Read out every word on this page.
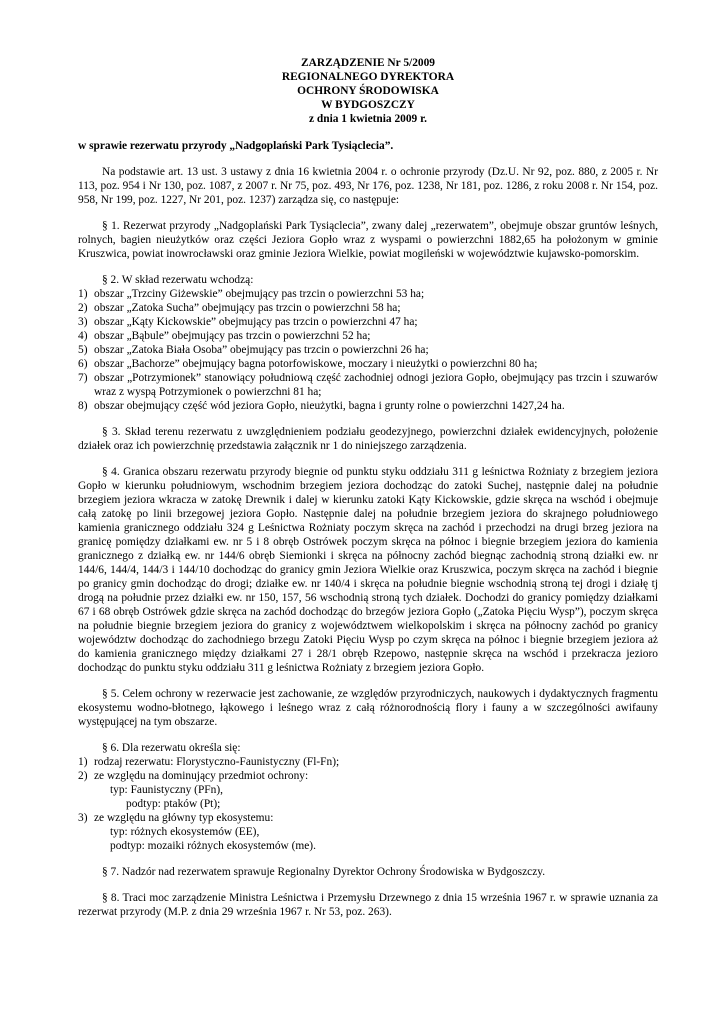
ZARZĄDZENIE Nr 5/2009
REGIONALNEGO DYREKTORA
OCHRONY ŚRODOWISKA
W BYDGOSZCZY
z dnia 1 kwietnia 2009 r.
w sprawie rezerwatu przyrody „Nadgoplański Park Tysiąclecia”.

Na podstawie art. 13 ust. 3 ustawy z dnia 16 kwietnia 2004 r. o ochronie przyrody (Dz.U. Nr 92, poz. 880, z 2005 r. Nr 113, poz. 954 i Nr 130, poz. 1087, z 2007 r. Nr 75, poz. 493, Nr 176, poz. 1238, Nr 181, poz. 1286, z roku 2008 r. Nr 154, poz. 958, Nr 199, poz. 1227, Nr 201, poz. 1237) zarządza się, co następuje:

§ 1. Rezerwat przyrody „Nadgoplański Park Tysiąclecia”, zwany dalej „rezerwatem”, obejmuje obszar gruntów leśnych, rolnych, bagien nieużytków oraz części Jeziora Gopło wraz z wyspami o powierzchni 1882,65 ha położonym w gminie Kruszwica, powiat inowrocławski oraz gminie Jeziora Wielkie, powiat mogileński w województwie kujawsko-pomorskim.

§ 2. W skład rezerwatu wchodzą:

1) obszar „Trzciny Giżewskie” obejmujący pas trzcin o powierzchni 53 ha;
2) obszar „Zatoka Sucha” obejmujący pas trzcin o powierzchni 58 ha;
3) obszar „Kąty Kickowskie” obejmujący pas trzcin o powierzchni 47 ha;
4) obszar „Bąbule” obejmujący pas trzcin o powierzchni 52 ha;
5) obszar „Zatoka Biała Osoba” obejmujący pas trzcin o powierzchni 26 ha;
6) obszar „Bachorze” obejmujący bagna potorfowiskowe, moczary i nieużytki o powierzchni 80 ha;
7) obszar „Potrzymionek” stanowiący południową część zachodniej odnogi jeziora Gopło, obejmujący pas trzcin i szuwarów wraz z wyspą Potrzymionek o powierzchni 81 ha;
8) obszar obejmujący część wód jeziora Gopło, nieużytki, bagna i grunty rolne o powierzchni 1427,24 ha.

§ 3. Skład terenu rezerwatu z uwzględnieniem podziału geodezyjnego, powierzchni działek ewidencyjnych, położenie działek oraz ich powierzchnię przedstawia załącznik nr 1 do niniejszego zarządzenia.

§ 4. Granica obszaru rezerwatu przyrody biegnie od punktu styku oddziału 311 g leśnictwa Rożniaty z brzegiem jeziora Gopło w kierunku południowym, wschodnim brzegiem jeziora dochodząc do zatoki Suchej, następnie dalej na południe brzegiem jeziora wkracza w zatokę Drewnik i dalej w kierunku zatoki Kąty Kickowskie, gdzie skręca na wschód i obejmuje całą zatokę po linii brzegowej jeziora Gopło. Następnie dalej na południe brzegiem jeziora do skrajnego południowego kamienia granicznego oddziału 324 g Leśnictwa Rożniaty poczym skręca na zachód i przechodzi na drugi brzeg jeziora na granicę pomiędzy działkami ew. nr 5 i 8 obręb Ostrówek poczym skręca na północ i biegnie brzegiem jeziora do kamienia granicznego z działką ew. nr 144/6 obręb Siemionki i skręca na północny zachód biegnąc zachodnią stroną działki ew. nr 144/6, 144/4, 144/3 i 144/10 dochodząc do granicy gmin Jeziora Wielkie oraz Kruszwica, poczym skręca na zachód i biegnie po granicy gmin dochodząc do drogi; działke ew. nr 140/4 i skręca na południe biegnie wschodnią stroną tej drogi i działę tj drogą na południe przez działki ew. nr 150, 157, 56 wschodnią stroną tych działek. Dochodzi do granicy pomiędzy działkami 67 i 68 obręb Ostrówek gdzie skręca na zachód dochodząc do brzegów jeziora Gopło („Zatoka Pięciu Wysp”), poczym skręca na południe biegnie brzegiem jeziora do granicy z województwem wielkopolskim i skręca na północny zachód po granicy województw dochodząc do zachodniego brzegu Zatoki Pięciu Wysp po czym skręca na północ i biegnie brzegiem jeziora aż do kamienia granicznego między działkami 27 i 28/1 obręb Rzepowo, następnie skręca na wschód i przekracza jezioro dochodząc do punktu styku oddziału 311 g leśnictwa Rożniaty z brzegiem jeziora Gopło.

§ 5. Celem ochrony w rezerwacie jest zachowanie, ze względów przyrodniczych, naukowych i dydaktycznych fragmentu ekosystemu wodno-błotnego, łąkowego i leśnego wraz z całą różnorodnością flory i fauny a w szczególności awifauny występującej na tym obszarze.

§ 6. Dla rezerwatu określa się:

1) rodzaj rezerwatu: Florystyczno-Faunistyczny (Fl-Fn);
2) ze względu na dominujący przedmiot ochrony:
typ: Faunistyczny (PFn),
podtyp: ptaków (Pt);
3) ze względu na główny typ ekosystemu:
typ: różnych ekosystemów (EE),
podtyp: mozaiki różnych ekosystemów (me).

§ 7. Nadzór nad rezerwatem sprawuje Regionalny Dyrektor Ochrony Środowiska w Bydgoszczy.

§ 8. Traci moc zarządzenie Ministra Leśnictwa i Przemysłu Drzewnego z dnia 15 września 1967 r. w sprawie uznania za rezerwat przyrody (M.P. z dnia 29 września 1967 r. Nr 53, poz. 263).
